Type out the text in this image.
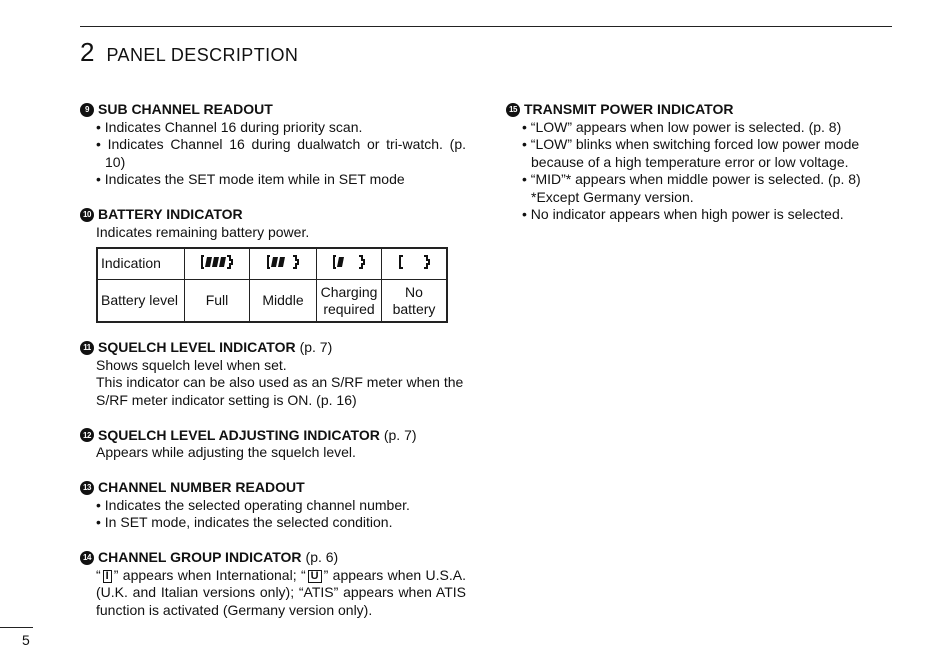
2 PANEL DESCRIPTION
9 SUB CHANNEL READOUT
• Indicates Channel 16 during priority scan.
• Indicates Channel 16 during dualwatch or tri-watch. (p. 10)
• Indicates the SET mode item while in SET mode
10 BATTERY INDICATOR
Indicates remaining battery power.
Indication	

Battery level	Full	Middle	Charging required	No battery
11 SQUELCH LEVEL INDICATOR (p. 7)
Shows squelch level when set.
This indicator can be also used as an S/RF meter when the S/RF meter indicator setting is ON. (p. 16)
12 SQUELCH LEVEL ADJUSTING INDICATOR (p. 7)
Appears while adjusting the squelch level.
13 CHANNEL NUMBER READOUT
• Indicates the selected operating channel number.
• In SET mode, indicates the selected condition.
14 CHANNEL GROUP INDICATOR (p. 6)
“ I ” appears when International; “ U ” appears when U.S.A. (U.K. and Italian versions only); “ATIS” appears when ATIS function is activated (Germany version only).
15 TRANSMIT POWER INDICATOR
• “LOW” appears when low power is selected. (p. 8)
• “LOW” blinks when switching forced low power mode because of a high temperature error or low voltage.
• “MID”* appears when middle power is selected. (p. 8) *Except Germany version.
• No indicator appears when high power is selected.
5
